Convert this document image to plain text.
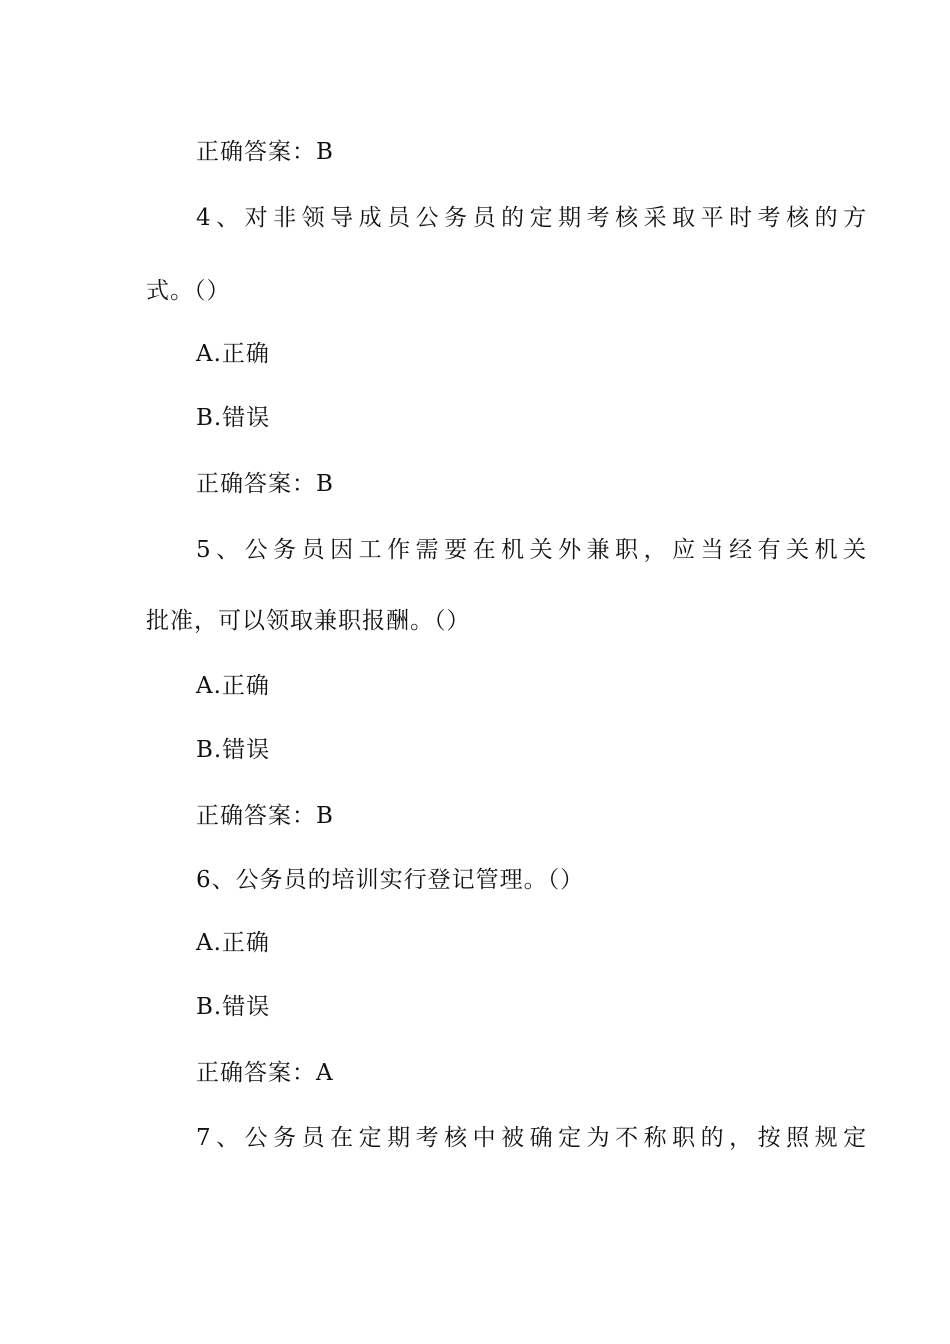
正确答案：B
4、对非领导成员公务员的定期考核采取平时考核的方
式。（）
A.正确
B.错误
正确答案：B
5、公务员因工作需要在机关外兼职，应当经有关机关
批准，可以领取兼职报酬。（）
A.正确
B.错误
正确答案：B
6、公务员的培训实行登记管理。（）
A.正确
B.错误
正确答案：A
7、公务员在定期考核中被确定为不称职的，按照规定
